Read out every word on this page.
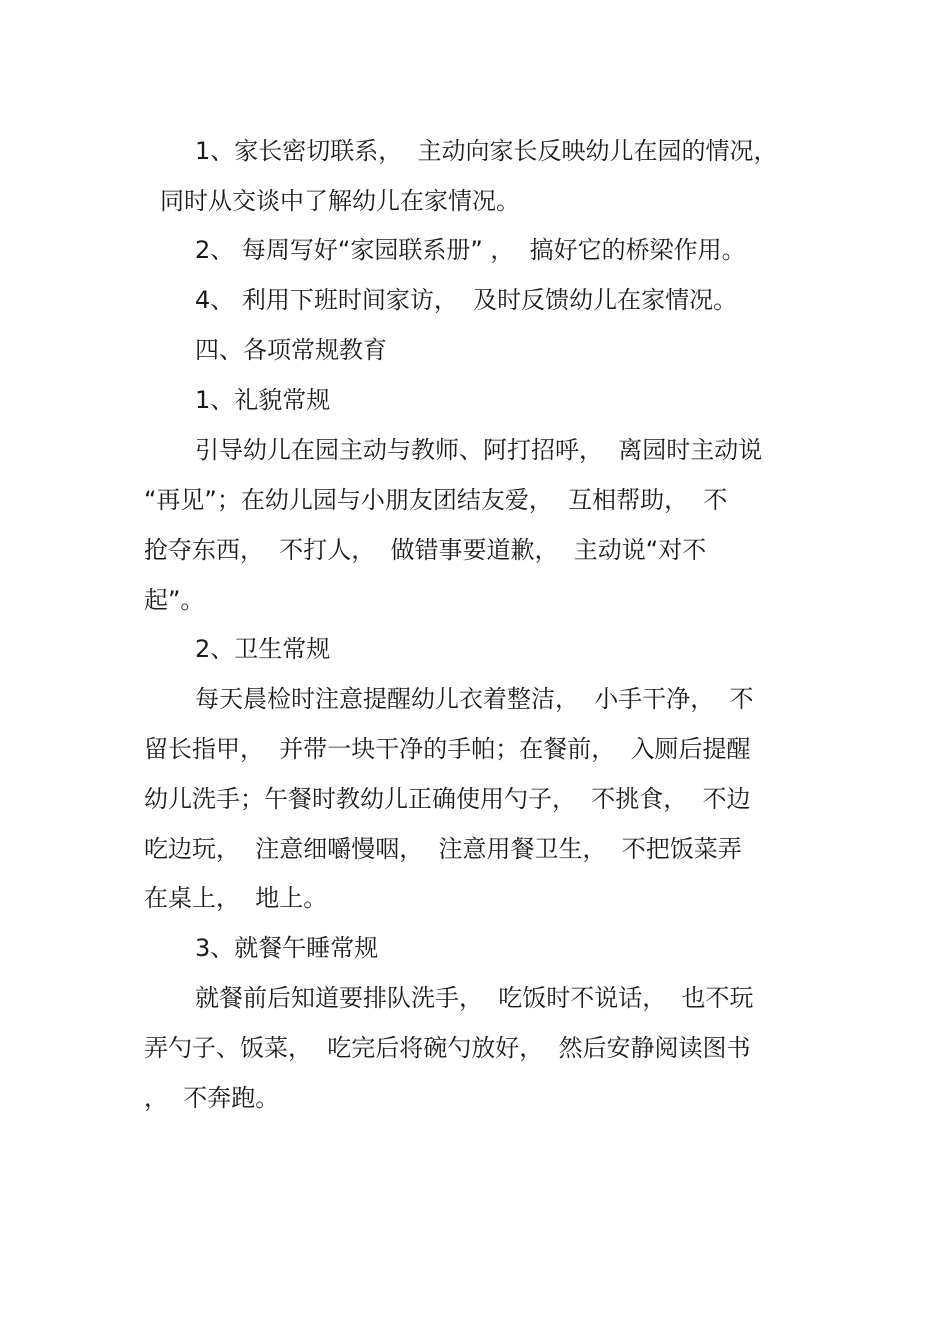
1、家长密切联系，  主动向家长反映幼儿在园的情况，
同时从交谈中了解幼儿在家情况。
2、 每周写好“家园联系册” ，  搞好它的桥梁作用。
4、 利用下班时间家访，  及时反馈幼儿在家情况。
四、各项常规教育
1、礼貌常规
引导幼儿在园主动与教师、阿打招呼，  离园时主动说
“再见”；在幼儿园与小朋友团结友爱，  互相帮助，  不
抢夺东西，  不打人，  做错事要道歉，  主动说“对不
起”。
2、卫生常规
每天晨检时注意提醒幼儿衣着整洁，  小手干净，  不
留长指甲，  并带一块干净的手帕；在餐前，  入厕后提醒
幼儿洗手；午餐时教幼儿正确使用勺子，  不挑食，  不边
吃边玩，  注意细嚼慢咽，  注意用餐卫生，  不把饭菜弄
在桌上，  地上。
3、就餐午睡常规
就餐前后知道要排队洗手，  吃饭时不说话，  也不玩
弄勺子、饭菜，  吃完后将碗勺放好，  然后安静阅读图书
，  不奔跑。
